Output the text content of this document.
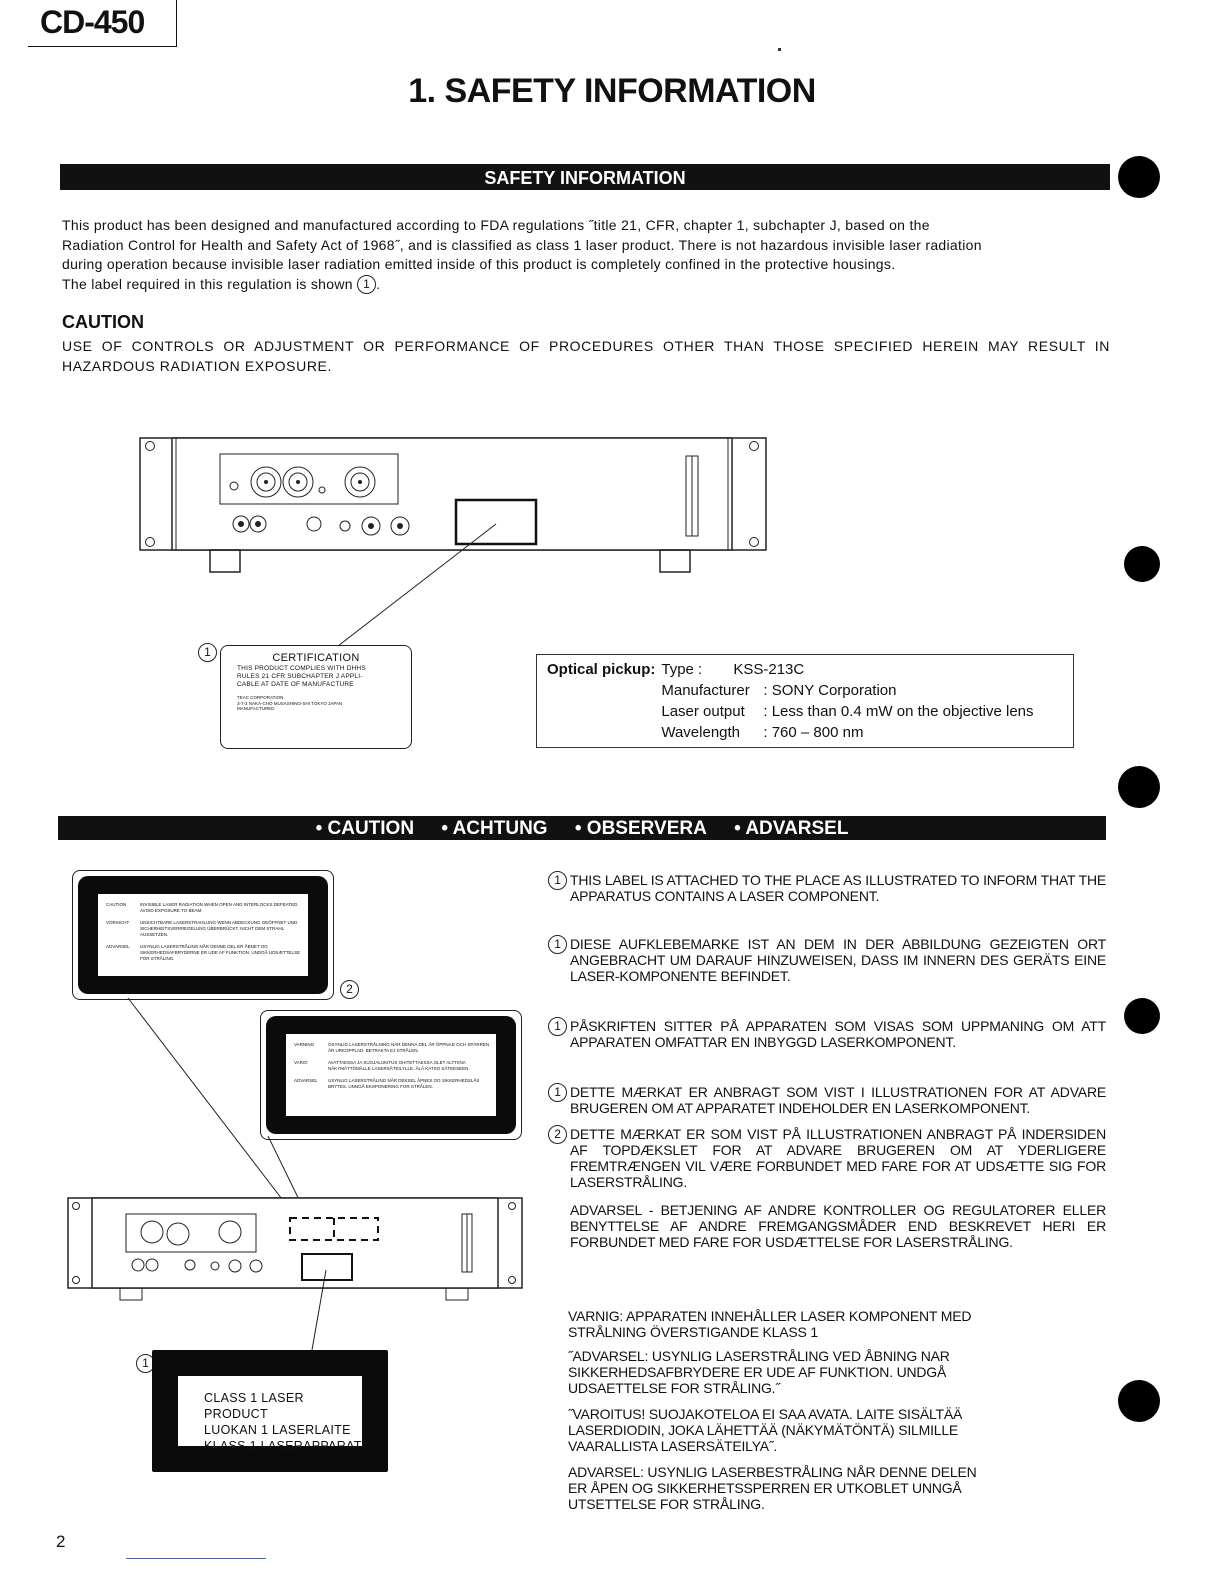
CD-450
1. SAFETY INFORMATION
SAFETY INFORMATION
This product has been designed and manufactured according to FDA regulations ˝title 21, CFR, chapter 1, subchapter J, based on the
Radiation Control for Health and Safety Act of 1968˝, and is classified as class 1 laser product. There is not hazardous invisible laser radiation
during operation because invisible laser radiation emitted inside of this product is completely confined in the protective housings.
The label required in this regulation is shown 1 .
CAUTION
USE OF CONTROLS OR ADJUSTMENT OR PERFORMANCE OF PROCEDURES OTHER THAN THOSE SPECIFIED HEREIN MAY RESULT IN HAZARDOUS RADIATION EXPOSURE.
1	CERTIFICATION
THIS PRODUCT COMPLIES WITH DHHS
RULES 21 CFR SUBCHAPTER J APPLI-
CABLE AT DATE OF MANUFACTURE
TEAC CORPORATION
3-7-3 NAKA-CHO MUSASHINO-SHI TOKYO JAPAN
MANUFACTURED
Optical pickup:	Type :	KSS-213C
	Manufacturer	: SONY Corporation
	Laser output	: Less than 0.4 mW on the objective lens
	Wavelength	: 760 – 800 nm
• CAUTION • ACHTUNG • OBSERVERA • ADVARSEL
CAUTION	INVISIBLE LASER RADIATION WHEN OPEN AND INTERLOCKS DEFEATED. AVOID EXPOSURE TO BEAM.
VORSICHT	UNSICHTBARE LASERSTRAHLUNG WENN ABDECKUNG GEÖFFNET UND SICHERHEITSVERRIEGELUNG ÜBERBRÜCKT. NICHT DEM STRAHL AUSSETZEN.
ADVARSEL	USYNLIG LASERSTRÅLING NÅR DENNE DEL ER ÅBNET OG SIKKERHEDSAFBRYDERNE ER UDE AF FUNKTION. UNDGÅ UDSÆTTELSE FOR STRÅLING.
2
VARNING	OSYNLIG LASERSTRÅLNING NÄR DENNA DEL ÄR ÖPPNAD OCH SPÄRREN ÄR URKOPPLAD. BETRAKTA EJ STRÅLEN.
VARO!	AVATTAESSA JA SUOJALUKITUS OHITETTAESSA OLET ALTTIINA NÄKYMÄTTÖMÄLLE LASERSÄTEILYLLE. ÄLÄ KATSO SÄTEESEEN.
ADVARSEL	USYNLIG LASERSTRÅLING NÅR DEKSEL ÅPNES OG SIKKERHEDSLÅS BRYTES. UNNGÅ EKSPONERING FOR STRÅLEN.
1
CLASS 1 LASER PRODUCT
LUOKAN 1 LASERLAITE
KLASS 1 LASERAPPARAT
1 THIS LABEL IS ATTACHED TO THE PLACE AS ILLUSTRATED TO INFORM THAT THE APPARATUS CONTAINS A LASER COMPONENT.
1 DIESE AUFKLEBEMARKE IST AN DEM IN DER ABBILDUNG GEZEIGTEN ORT ANGEBRACHT UM DARAUF HINZUWEISEN, DASS IM INNERN DES GERÄTS EINE LASER-KOMPONENTE BEFINDET.
1 PÅSKRIFTEN SITTER PÅ APPARATEN SOM VISAS SOM UPPMANING OM ATT APPARATEN OMFATTAR EN INBYGGD LASERKOMPONENT.
1 DETTE MÆRKAT ER ANBRAGT SOM VIST I ILLUSTRATIONEN FOR AT ADVARE BRUGEREN OM AT APPARATET INDEHOLDER EN LASERKOMPONENT.
2 DETTE MÆRKAT ER SOM VIST PÅ ILLUSTRATIONEN ANBRAGT PÅ INDERSIDEN AF TOPDÆKSLET FOR AT ADVARE BRUGEREN OM AT YDERLIGERE FREMTRÆNGEN VIL VÆRE FORBUNDET MED FARE FOR AT UDSÆTTE SIG FOR LASERSTRÅLING.
ADVARSEL - BETJENING AF ANDRE KONTROLLER OG REGULATORER ELLER BENYTTELSE AF ANDRE FREMGANGSMÅDER END BESKREVET HERI ER FORBUNDET MED FARE FOR USDÆTTELSE FOR LASERSTRÅLING.
VARNIG: APPARATEN INNEHÅLLER LASER KOMPONENT MED STRÅLNING ÖVERSTIGANDE KLASS 1
˝ADVARSEL: USYNLIG LASERSTRÅLING VED ÅBNING NAR SIKKERHEDSAFBRYDERE ER UDE AF FUNKTION. UNDGÅ UDSAETTELSE FOR STRÅLING.˝
˝VAROITUS! SUOJAKOTELOA EI SAA AVATA. LAITE SISÄLTÄÄ LASERDIODIN, JOKA LÄHETTÄÄ (NÄKYMÄTÖNTÄ) SILMILLE VAARALLISTA LASERSÄTEILYA˝.
ADVARSEL: USYNLIG LASERBESTRÅLING NÅR DENNE DELEN ER ÅPEN OG SIKKERHETSSPERREN ER UTKOBLET UNNGÅ UTSETTELSE FOR STRÅLING.
2
